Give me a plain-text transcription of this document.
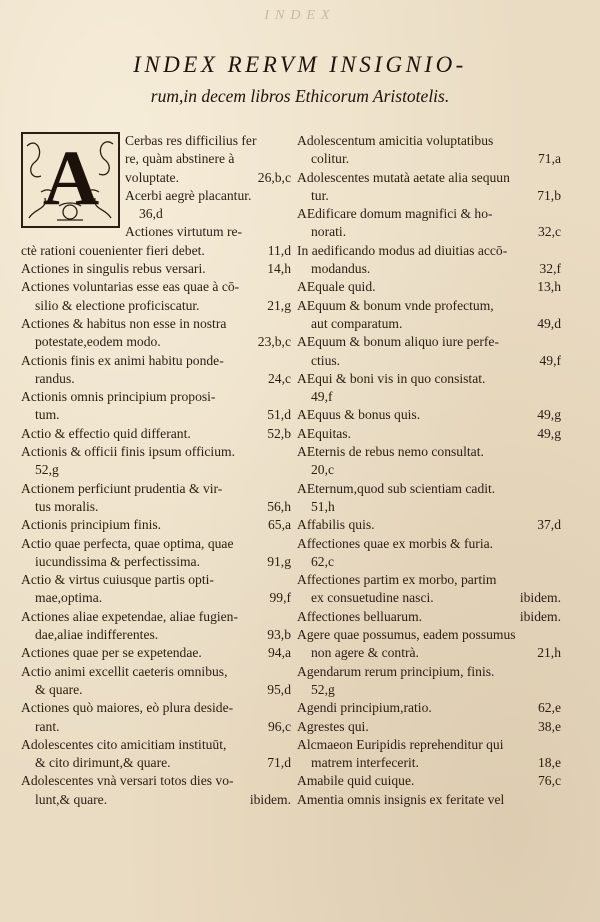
INDEX
INDEX RERVM INSIGNIO-
rum,in decem libros Ethicorum Aristotelis.
A	Cerbas res difficilius fer
re, quàm abstinere à
voluptate.	26,b,c
Acerbi aegrè placantur.
36,d
Actiones virtutum re-
ctè rationi couenienter fieri debet.	11,d
Actiones in singulis rebus versari.	14,h
Actiones voluntarias esse eas quae à cō-
silio & electione proficiscatur.	21,g
Actiones & habitus non esse in nostra
potestate,eodem modo.	23,b,c
Actionis finis ex animi habitu ponde-
randus.	24,c
Actionis omnis principium proposi-
tum.	51,d
Actio & effectio quid differant.	52,b
Actionis & officii finis ipsum officium.
52,g
Actionem perficiunt prudentia & vir-
tus moralis.	56,h
Actionis principium finis.	65,a
Actio quae perfecta, quae optima, quae
iucundissima & perfectissima.	91,g
Actio & virtus cuiusque partis opti-
mae,optima.	99,f
Actiones aliae expetendae, aliae fugien-
dae,aliae indifferentes.	93,b
Actiones quae per se expetendae.	94,a
Actio animi excellit caeteris omnibus,
& quare.	95,d
Actiones quò maiores, eò plura deside-
rant.	96,c
Adolescentes cito amicitiam instituūt,
& cito dirimunt,& quare.	71,d
Adolescentes vnà versari totos dies vo-
lunt,& quare.	ibidem.
Adolescentum amicitia voluptatibus
colitur.	71,a
Adolescentes mutatà aetate alia sequun
tur.	71,b
AEdificare domum magnifici & ho-
norati.	32,c
In aedificando modus ad diuitias accō-
modandus.	32,f
AEquale quid.	13,h
AEquum & bonum vnde profectum,
aut comparatum.	49,d
AEquum & bonum aliquo iure perfe-
ctius.	49,f
AEqui & boni vis in quo consistat.
49,f
AEquus & bonus quis.	49,g
AEquitas.	49,g
AEternis de rebus nemo consultat.
20,c
AEternum,quod sub scientiam cadit.
51,h
Affabilis quis.	37,d
Affectiones quae ex morbis & furia.
62,c
Affectiones partim ex morbo, partim
ex consuetudine nasci.	ibidem.
Affectiones belluarum.	ibidem.
Agere quae possumus, eadem possumus
non agere & contrà.	21,h
Agendarum rerum principium, finis.
52,g
Agendi principium,ratio.	62,e
Agrestes qui.	38,e
Alcmaeon Euripidis reprehenditur qui
matrem interfecerit.	18,e
Amabile quid cuique.	76,c
Amentia omnis insignis ex feritate vel
